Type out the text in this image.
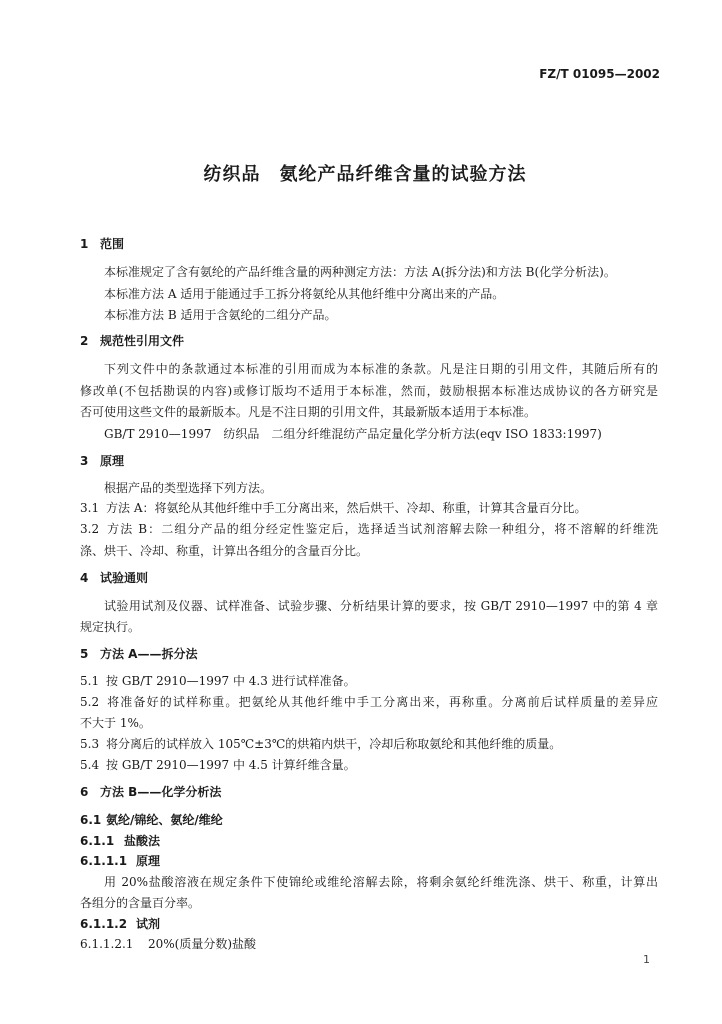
FZ/T 01095—2002
纺织品　氨纶产品纤维含量的试验方法
1 范围
本标准规定了含有氨纶的产品纤维含量的两种测定方法：方法 A(拆分法)和方法 B(化学分析法)。
本标准方法 A 适用于能通过手工拆分将氨纶从其他纤维中分离出来的产品。
本标准方法 B 适用于含氨纶的二组分产品。
2 规范性引用文件
下列文件中的条款通过本标准的引用而成为本标准的条款。凡是注日期的引用文件，其随后所有的
修改单(不包括勘误的内容)或修订版均不适用于本标准，然而，鼓励根据本标准达成协议的各方研究是
否可使用这些文件的最新版本。凡是不注日期的引用文件，其最新版本适用于本标准。
GB/T 2910—1997　纺织品　二组分纤维混纺产品定量化学分析方法(eqv ISO 1833:1997)
3 原理
根据产品的类型选择下列方法。
3.1 方法 A：将氨纶从其他纤维中手工分离出来，然后烘干、冷却、称重，计算其含量百分比。
3.2 方法 B：二组分产品的组分经定性鉴定后，选择适当试剂溶解去除一种组分，将不溶解的纤维洗
涤、烘干、冷却、称重，计算出各组分的含量百分比。
4 试验通则
试验用试剂及仪器、试样准备、试验步骤、分析结果计算的要求，按 GB/T 2910—1997 中的第 4 章
规定执行。
5 方法 A——拆分法
5.1 按 GB/T 2910—1997 中 4.3 进行试样准备。
5.2 将准备好的试样称重。把氨纶从其他纤维中手工分离出来，再称重。分离前后试样质量的差异应
不大于 1%。
5.3 将分离后的试样放入 105℃±3℃的烘箱内烘干，冷却后称取氨纶和其他纤维的质量。
5.4 按 GB/T 2910—1997 中 4.5 计算纤维含量。
6 方法 B——化学分析法
6.1 氨纶/锦纶、氨纶/维纶
6.1.1 盐酸法
6.1.1.1 原理
用 20%盐酸溶液在规定条件下使锦纶或维纶溶解去除，将剩余氨纶纤维洗涤、烘干、称重，计算出
各组分的含量百分率。
6.1.1.2 试剂
6.1.1.2.1 20%(质量分数)盐酸
1
